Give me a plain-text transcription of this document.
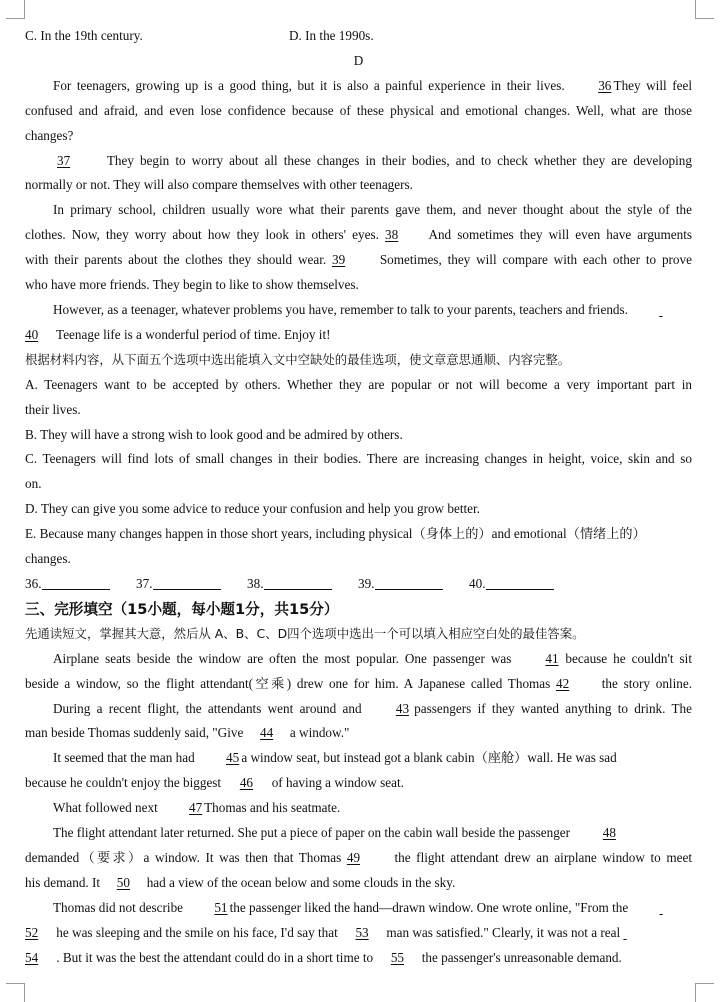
C. In the 19th century.	D. In the 1990s.
D
For teenagers, growing up is a good thing, but it is also a painful experience in their lives. 36 They will feel
confused and afraid, and even lose confidence because of these physical and emotional changes. Well, what are those
changes?
37 They begin to worry about all these changes in their bodies, and to check whether they are developing
normally or not. They will also compare themselves with other teenagers.
In primary school, children usually wore what their parents gave them, and never thought about the style of the
clothes. Now, they worry about how they look in others' eyes. 38 And sometimes they will even have arguments
with their parents about the clothes they should wear. 39 Sometimes, they will compare with each other to prove
who have more friends. They begin to like to show themselves.
However, as a teenager, whatever problems you have, remember to talk to your parents, teachers and friends.
40 Teenage life is a wonderful period of time. Enjoy it!
根据材料内容，从下面五个选项中选出能填入文中空缺处的最佳选项，使文章意思通顺、内容完整。
A. Teenagers want to be accepted by others. Whether they are popular or not will become a very important part in
their lives.
B. They will have a strong wish to look good and be admired by others.
C. Teenagers will find lots of small changes in their bodies. There are increasing changes in height, voice, skin and so
on.
D. They can give you some advice to reduce your confusion and help you grow better.
E. Because many changes happen in those short years, including physical（身体上的）and emotional（情绪上的）
changes.
36.	37.	38.	39.	40.
三、完形填空（15小题，每小题1分，共15分）
先通读短文，掌握其大意，然后从 A、B、C、D四个选项中选出一个可以填入相应空白处的最佳答案。
Airplane seats beside the window are often the most popular. One passenger was 41 because he couldn't sit
beside a window, so the flight attendant(空乘) drew one for him. A Japanese called Thomas 42 the story online.
During a recent flight, the attendants went around and 43 passengers if they wanted anything to drink. The
man beside Thomas suddenly said, "Give 44 a window."
It seemed that the man had 45 a window seat, but instead got a blank cabin（座舱）wall. He was sad
because he couldn't enjoy the biggest 46 of having a window seat.
What followed next 47 Thomas and his seatmate.
The flight attendant later returned. She put a piece of paper on the cabin wall beside the passenger 48
demanded（要求）a window. It was then that Thomas 49 the flight attendant drew an airplane window to meet
his demand. It 50 had a view of the ocean below and some clouds in the sky.
Thomas did not describe 51 the passenger liked the hand—drawn window. One wrote online, "From the
52 he was sleeping and the smile on his face, I'd say that 53 man was satisfied." Clearly, it was not a real
54 . But it was the best the attendant could do in a short time to 55 the passenger's unreasonable demand.
